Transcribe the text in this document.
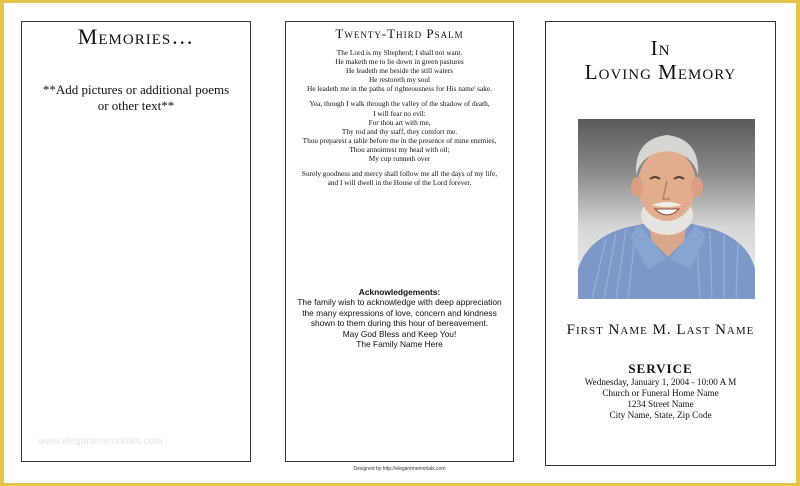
Memories…
**Add pictures or additional poems
or other text**
www.elegantmemorials.com
Twenty-Third Psalm
The Lord is my Shepherd; I shall not want.
He maketh me to lie down in green pastures
He leadeth me beside the still waters
He restoreth my soul
He leadeth me in the paths of righteousness for His name' sake.
Yea, though I walk through the valley of the shadow of death,
I will fear no evil:
For thou art with me,
Thy rod and thy staff, they comfort me.
Thou preparest a table before me in the presence of mine enemies,
Thou annointest my head with oil;
My cup runneth over
Surely goodness and mercy shall follow me all the days of my life,
and I will dwell in the House of the Lord forever.
Acknowledgements:
The family wish to acknowledge with deep appreciation
the many expressions of love, concern and kindness
shown to them during this hour of bereavement.
May God Bless and Keep You!
The Family Name Here
Designed by http://elegantmemorials.com
In
Loving Memory
First Name M. Last Name
SERVICE
Wednesday, January 1, 2004 - 10:00 A M
Church or Funeral Home Name
1234 Street Name
City Name, State, Zip Code
